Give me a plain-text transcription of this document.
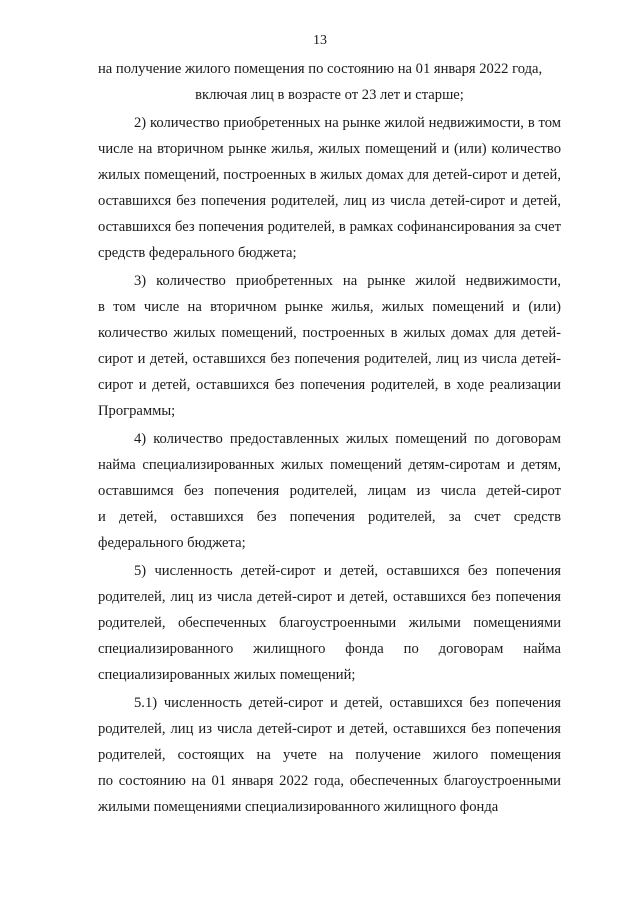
13
на получение жилого помещения по состоянию на 01 января 2022 года,
включая лиц в возрасте от 23 лет и старше;
2) количество приобретенных на рынке жилой недвижимости, в том
числе на вторичном рынке жилья, жилых помещений и (или) количество
жилых помещений, построенных в жилых домах для детей-сирот и детей,
оставшихся без попечения родителей, лиц из числа детей-сирот и детей,
оставшихся без попечения родителей, в рамках софинансирования за счет
средств федерального бюджета;
3) количество приобретенных на рынке жилой недвижимости,
в том числе на вторичном рынке жилья, жилых помещений и (или)
количество жилых помещений, построенных в жилых домах для детей-
сирот и детей, оставшихся без попечения родителей, лиц из числа детей-
сирот и детей, оставшихся без попечения родителей, в ходе реализации
Программы;
4) количество предоставленных жилых помещений по договорам
найма специализированных жилых помещений детям-сиротам и детям,
оставшимся без попечения родителей, лицам из числа детей-сирот
и детей, оставшихся без попечения родителей, за счет средств
федерального бюджета;
5) численность детей-сирот и детей, оставшихся без попечения
родителей, лиц из числа детей-сирот и детей, оставшихся без попечения
родителей, обеспеченных благоустроенными жилыми помещениями
специализированного жилищного фонда по договорам найма
специализированных жилых помещений;
5.1) численность детей-сирот и детей, оставшихся без попечения
родителей, лиц из числа детей-сирот и детей, оставшихся без попечения
родителей, состоящих на учете на получение жилого помещения
по состоянию на 01 января 2022 года, обеспеченных благоустроенными
жилыми помещениями специализированного жилищного фонда
